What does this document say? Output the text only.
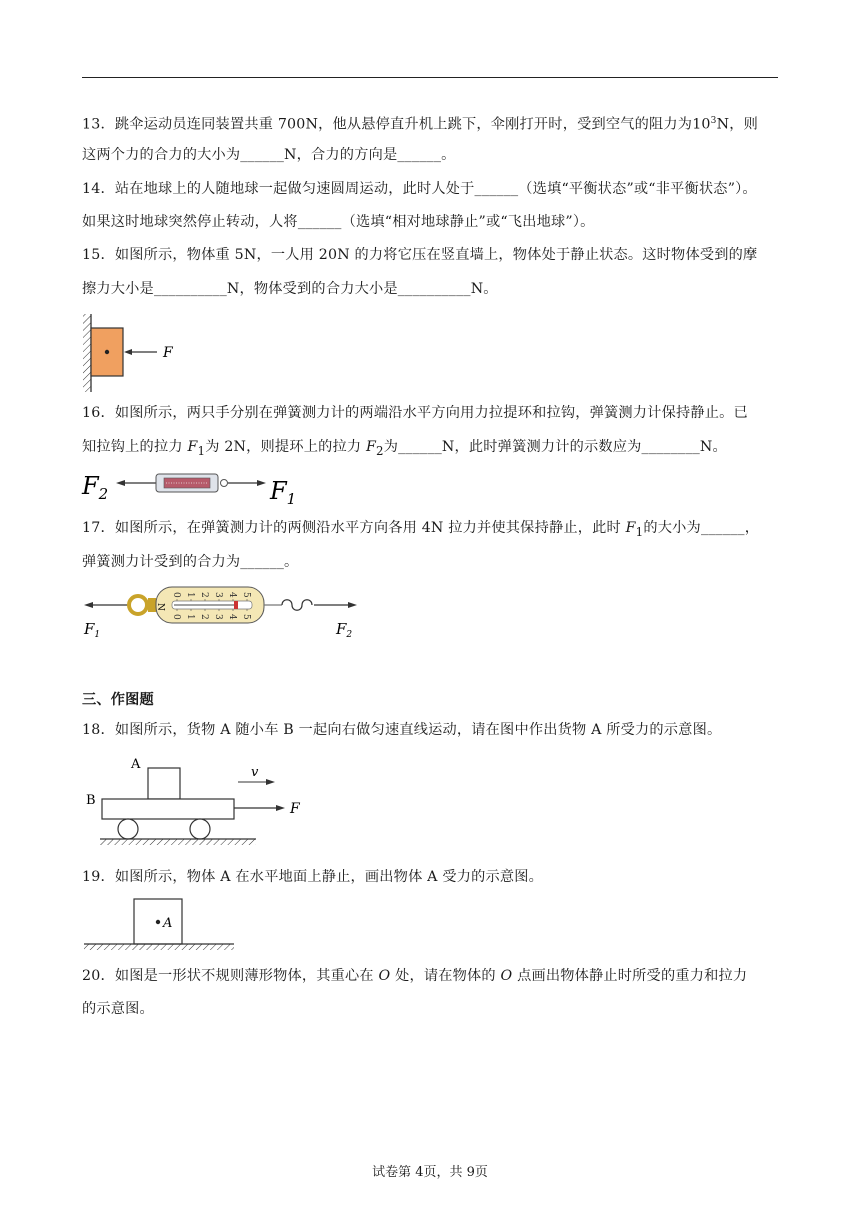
13．跳伞运动员连同装置共重 700N，他从悬停直升机上跳下，伞刚打开时，受到空气的阻力为$10^3N$，则
这两个力的合力的大小为______N，合力的方向是______。
14．站在地球上的人随地球一起做匀速圆周运动，此时人处于______（选填“平衡状态”或“非平衡状态”）。
如果这时地球突然停止转动，人将______（选填“相对地球静止”或“飞出地球”）。
15．如图所示，物体重 5N，一人用 20N 的力将它压在竖直墙上，物体处于静止状态。这时物体受到的摩
擦力大小是__________N，物体受到的合力大小是__________N。
F
16．如图所示，两只手分别在弹簧测力计的两端沿水平方向用力拉提环和拉钩，弹簧测力计保持静止。已
知拉钩上的拉力 $F_1$为 2N，则提环上的拉力 $F_2$为______N，此时弹簧测力计的示数应为________N。
$F_2$	$F_1$
17．如图所示，在弹簧测力计的两侧沿水平方向各用 4N 拉力并使其保持静止，此时 $F_1$的大小为______，
弹簧测力计受到的合力为______。
N
0 1 2 3 4 5
0 1 2 3 4 5
$F_1$	$F_2$
三、作图题
18．如图所示，货物 A 随小车 B 一起向右做匀速直线运动，请在图中作出货物 A 所受力的示意图。
A
B
v
F
19．如图所示，物体 A 在水平地面上静止，画出物体 A 受力的示意图。
A
20．如图是一形状不规则薄形物体，其重心在 O 处，请在物体的 O 点画出物体静止时所受的重力和拉力
的示意图。
试卷第 4页，共 9页
